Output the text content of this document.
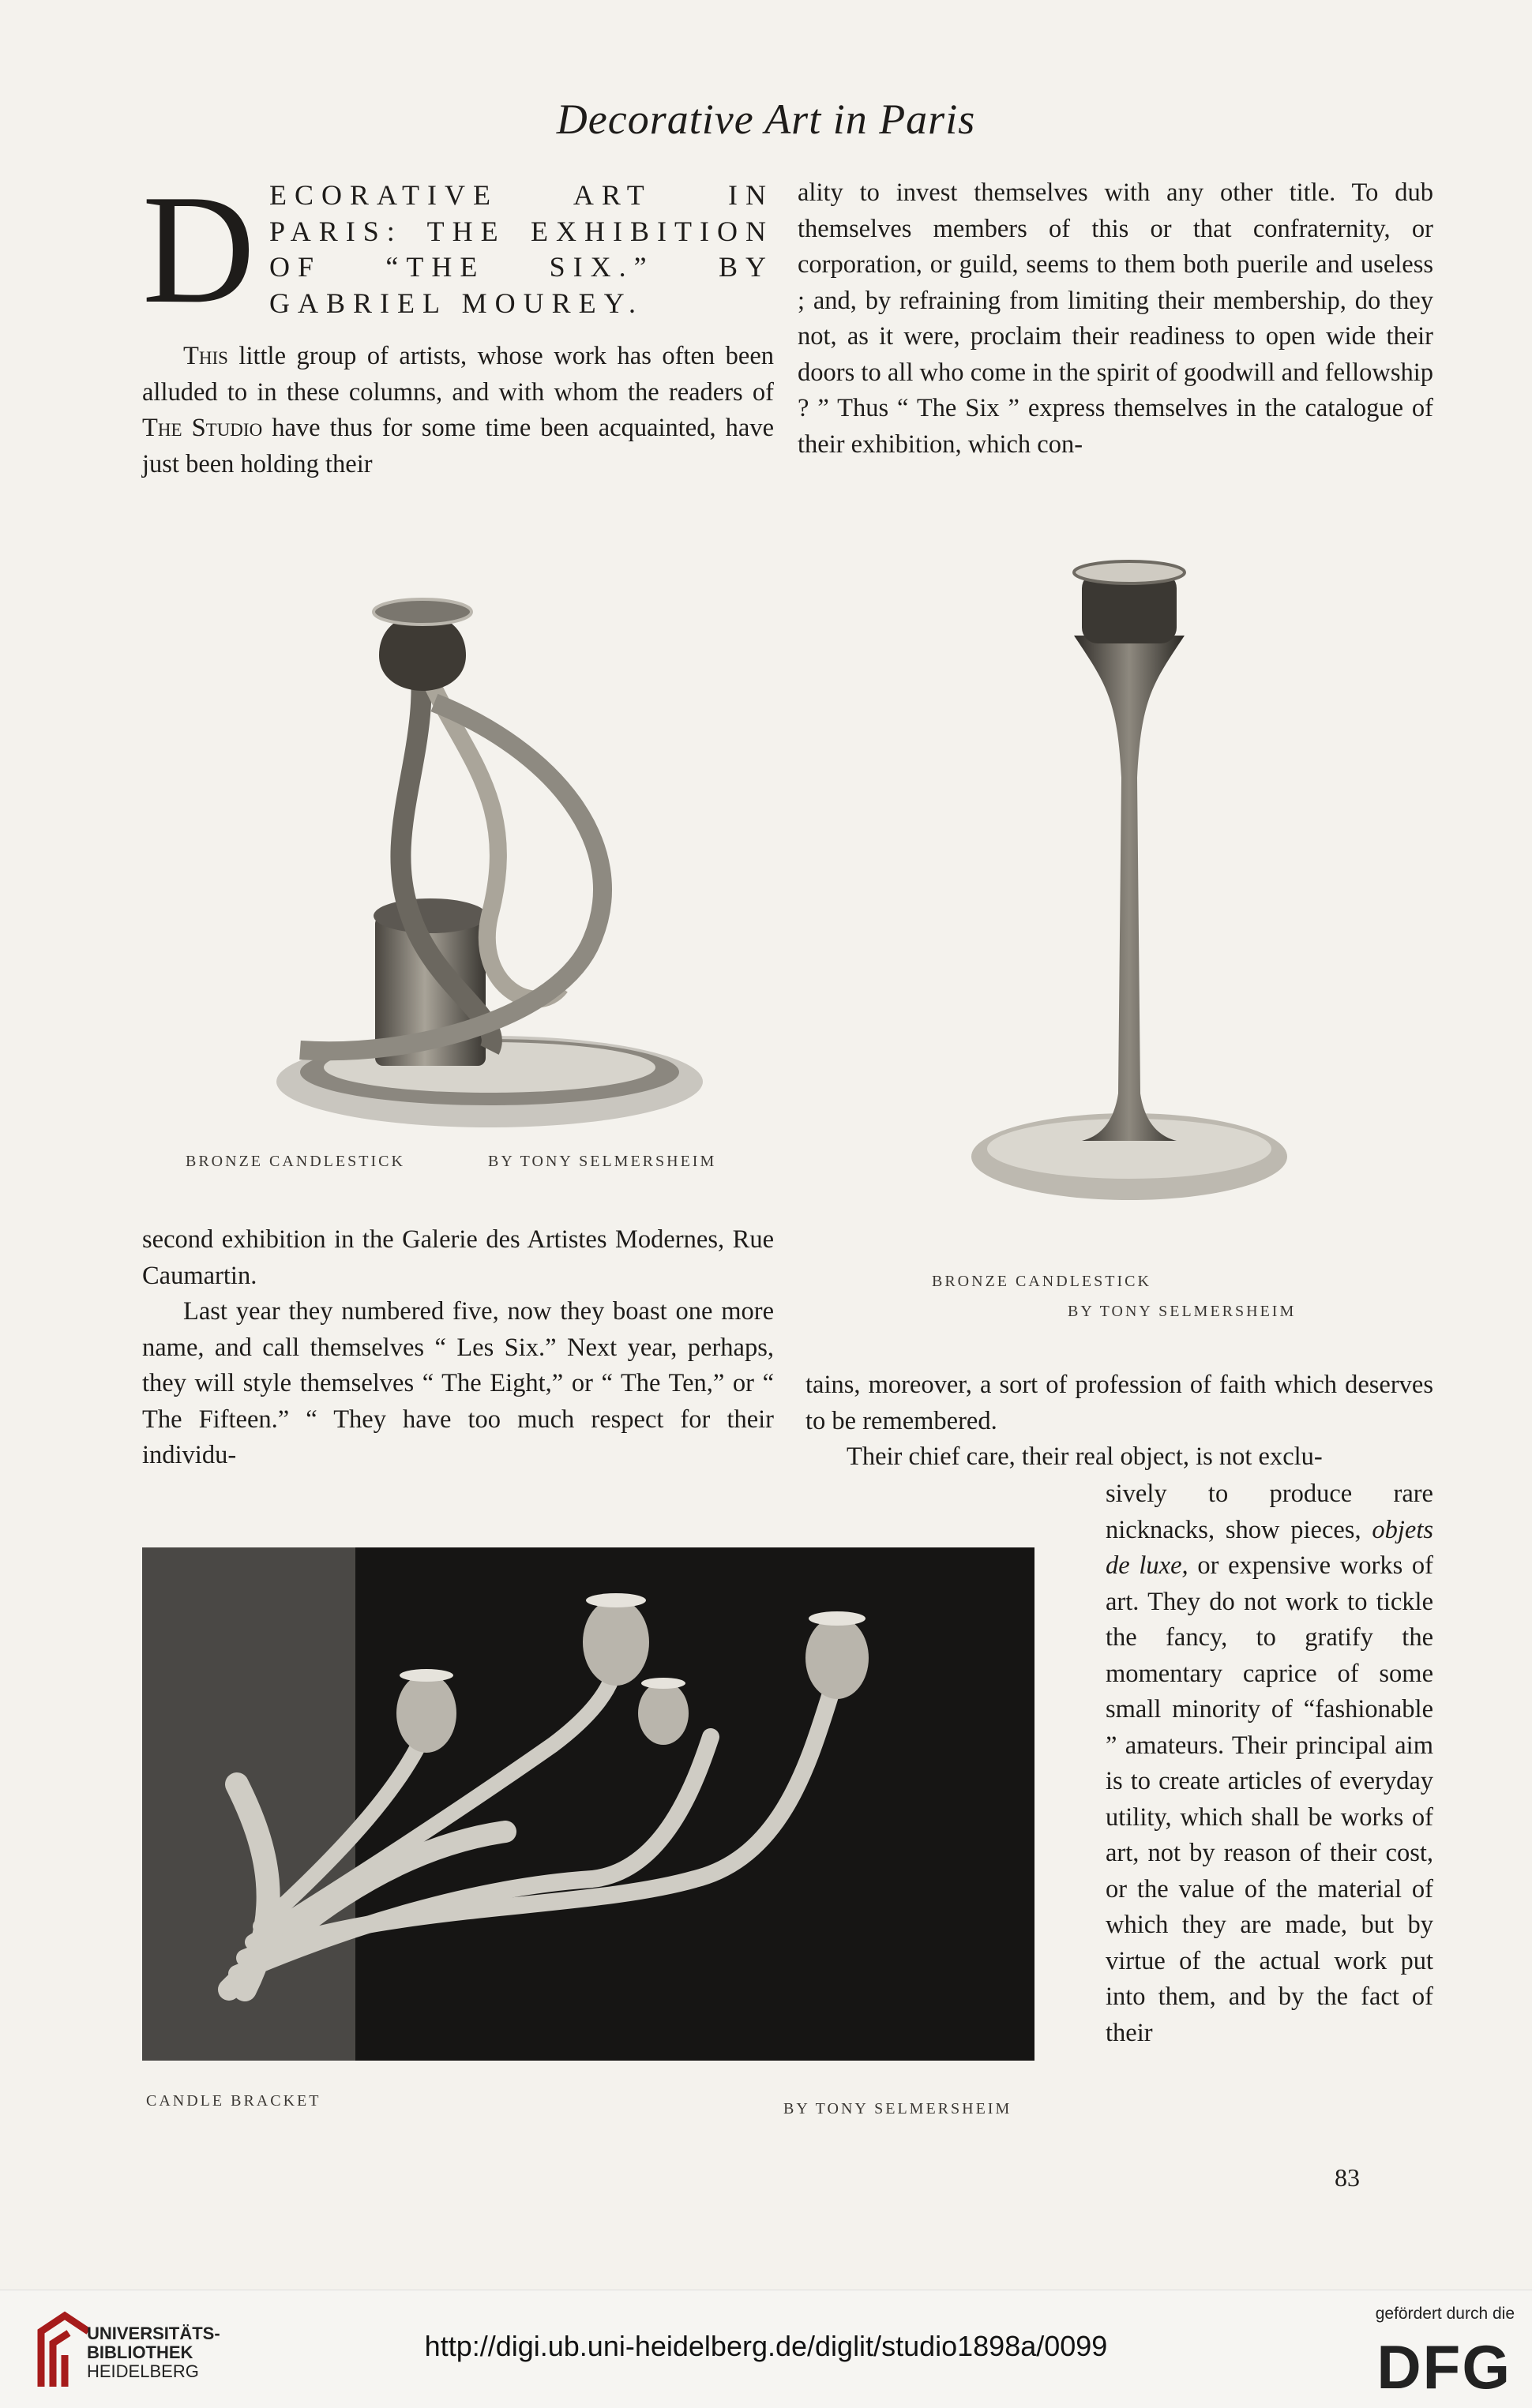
Decorative Art in Paris
D ECORATIVE ART IN PARIS: THE EXHIBITION OF “THE SIX.” BY GABRIEL MOUREY.

This little group of artists, whose work has often been alluded to in these columns, and with whom the readers of The Studio have thus for some time been acquainted, have just been holding their

ality to invest themselves with any other title. To dub themselves members of this or that confraternity, or corporation, or guild, seems to them both puerile and useless ; and, by refraining from limiting their membership, do they not, as it were, proclaim their readiness to open wide their doors to all who come in the spirit of goodwill and fellowship ? ” Thus “ The Six ” express themselves in the catalogue of their exhibition, which con-

BRONZE CANDLESTICK	BY TONY SELMERSHEIM
BRONZE CANDLESTICK
BY TONY SELMERSHEIM

second exhibition in the Galerie des Artistes Modernes, Rue Caumartin.

Last year they numbered five, now they boast one more name, and call themselves “ Les Six.” Next year, perhaps, they will style themselves “ The Eight,” or “ The Ten,” or “ The Fifteen.” “ They have too much respect for their individu-

tains, moreover, a sort of profession of faith which deserves to be remembered.

Their chief care, their real object, is not exclu-

sively to produce rare nicknacks, show pieces, objets de luxe, or expensive works of art. They do not work to tickle the fancy, to gratify the momentary caprice of some small minority of “fashionable ” amateurs. Their principal aim is to create articles of everyday utility, which shall be works of art, not by reason of their cost, or the value of the material of which they are made, but by virtue of the actual work put into them, and by the fact of their

CANDLE BRACKET	BY TONY SELMERSHEIM
83
UNIVERSITÄTS-
BIBLIOTHEK
HEIDELBERG
http://digi.ub.uni-heidelberg.de/diglit/studio1898a/0099
gefördert durch die
DFG
